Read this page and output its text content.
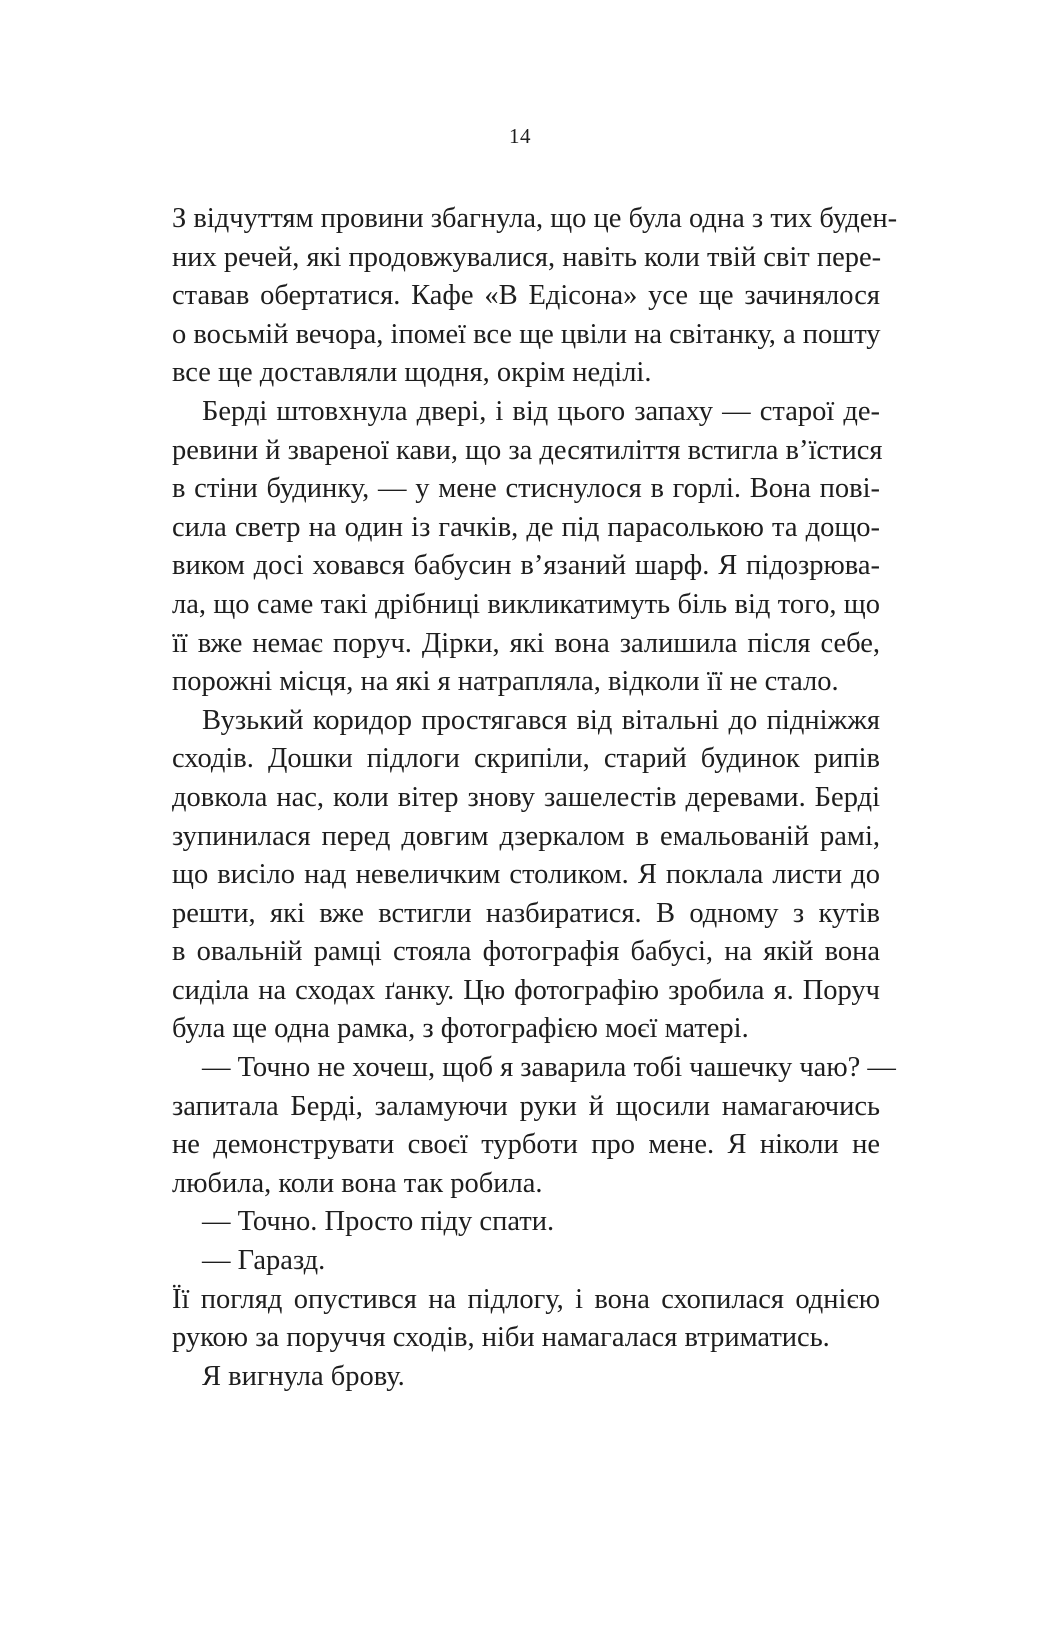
14
З відчуттям провини збагнула, що це була одна з тих буден-
них речей, які продовжувалися, навіть коли твій світ пере-
ставав обертатися. Кафе «В Едісона» усе ще зачинялося
о восьмій вечора, іпомеї все ще цвіли на світанку, а пошту
все ще доставляли щодня, окрім неділі.
Берді штовхнула двері, і від цього запаху — старої де-
ревини й звареної кави, що за десятиліття встигла в’їстися
в стіни будинку, — у мене стиснулося в горлі. Вона пові-
сила светр на один із гачків, де під парасолькою та дощо-
виком досі ховався бабусин в’язаний шарф. Я підозрюва-
ла, що саме такі дрібниці викликатимуть біль від того, що
її вже немає поруч. Дірки, які вона залишила після себе,
порожні місця, на які я натрапляла, відколи її не стало.
Вузький коридор простягався від вітальні до підніжжя
сходів. Дошки підлоги скрипіли, старий будинок рипів
довкола нас, коли вітер знову зашелестів деревами. Берді
зупинилася перед довгим дзеркалом в емальованій рамі,
що висіло над невеличким столиком. Я поклала листи до
решти, які вже встигли назбиратися. В одному з кутів
в овальній рамці стояла фотографія бабусі, на якій вона
сиділа на сходах ґанку. Цю фотографію зробила я. Поруч
була ще одна рамка, з фотографією моєї матері.
— Точно не хочеш, щоб я заварила тобі чашечку чаю? —
запитала Берді, заламуючи руки й щосили намагаючись
не демонструвати своєї турботи про мене. Я ніколи не
любила, коли вона так робила.
— Точно. Просто піду спати.
— Гаразд.
Її погляд опустився на підлогу, і вона схопилася однією
рукою за поруччя сходів, ніби намагалася втриматись.
Я вигнула брову.
